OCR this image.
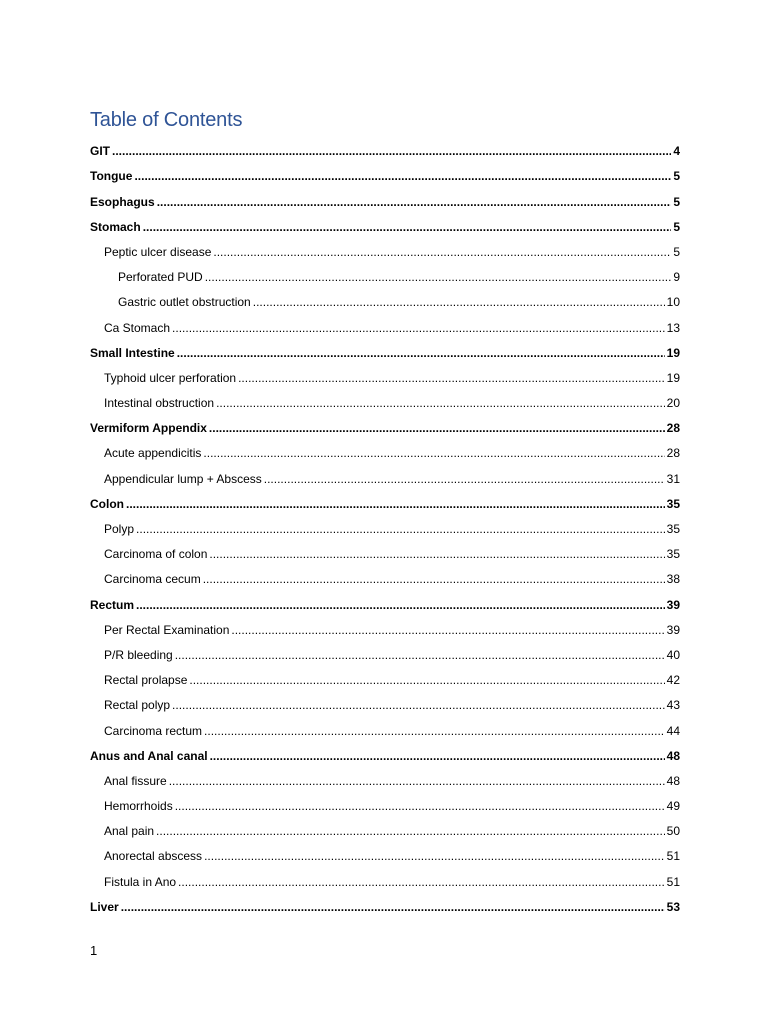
Table of Contents
GIT .....	4
Tongue .....	5
Esophagus .....	5
Stomach .....	5
Peptic ulcer disease .....	5
Perforated PUD .....	9
Gastric outlet obstruction .....	10
Ca Stomach .....	13
Small Intestine .....	19
Typhoid ulcer perforation .....	19
Intestinal obstruction .....	20
Vermiform Appendix .....	28
Acute appendicitis .....	28
Appendicular lump + Abscess .....	31
Colon .....	35
Polyp .....	35
Carcinoma of colon .....	35
Carcinoma cecum .....	38
Rectum .....	39
Per Rectal Examination .....	39
P/R bleeding .....	40
Rectal prolapse .....	42
Rectal polyp .....	43
Carcinoma rectum .....	44
Anus and Anal canal .....	48
Anal fissure .....	48
Hemorrhoids .....	49
Anal pain .....	50
Anorectal abscess .....	51
Fistula in Ano .....	51
Liver .....	53
1
